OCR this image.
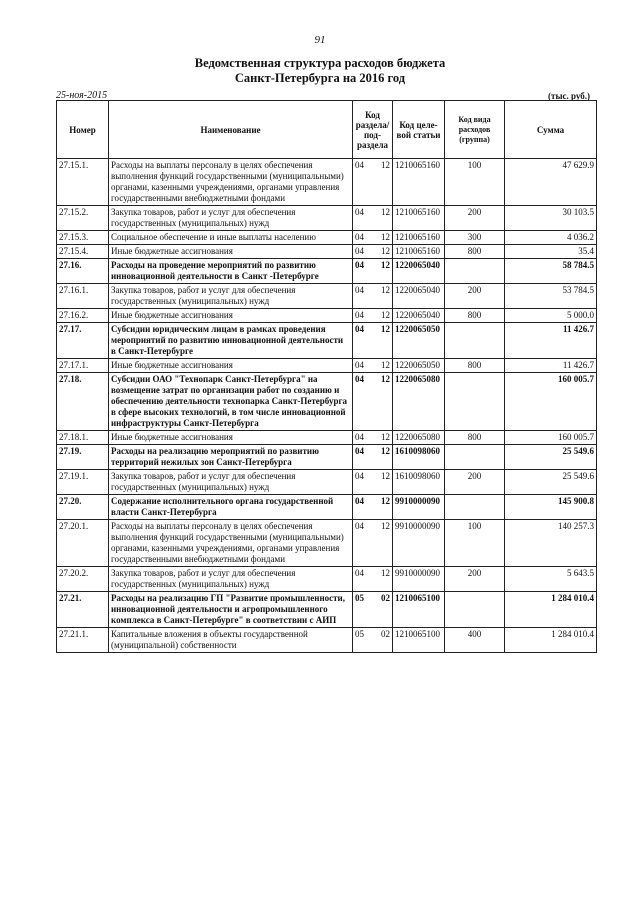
91
Ведомственная структура расходов бюджета
Санкт-Петербурга на 2016 год
25-ноя-2015	(тыс. руб.)
Номер	Наименование	Код раздела/ под-раздела	Код целе-вой статьи	Код вида расходов (группа)	Сумма
27.15.1.	Расходы на выплаты персоналу в целях обеспечения выполнения функций государственными (муниципальными) органами, казенными учреждениями, органами управления государственными внебюджетными фондами	04 12	1210065160	100	47 629.9
27.15.2.	Закупка товаров, работ и услуг для обеспечения государственных (муниципальных) нужд	04 12	1210065160	200	30 103.5
27.15.3.	Социальное обеспечение и иные выплаты населению	04 12	1210065160	300	4 036.2
27.15.4.	Иные бюджетные ассигнования	04 12	1210065160	800	35.4
27.16.	Расходы на проведение мероприятий по развитию инновационной деятельности в Санкт -Петербурге	04 12	1220065040		58 784.5
27.16.1.	Закупка товаров, работ и услуг для обеспечения государственных (муниципальных) нужд	04 12	1220065040	200	53 784.5
27.16.2.	Иные бюджетные ассигнования	04 12	1220065040	800	5 000.0
27.17.	Субсидии юридическим лицам в рамках проведения мероприятий по развитию инновационной деятельности в Санкт-Петербурге	04 12	1220065050		11 426.7
27.17.1.	Иные бюджетные ассигнования	04 12	1220065050	800	11 426.7
27.18.	Субсидии ОАО "Технопарк Санкт-Петербурга" на возмещение затрат по организации работ по созданию и обеспечению деятельности технопарка Санкт-Петербурга в сфере высоких технологий, в том числе инновационной инфраструктуры Санкт-Петербурга	04 12	1220065080		160 005.7
27.18.1.	Иные бюджетные ассигнования	04 12	1220065080	800	160 005.7
27.19.	Расходы на реализацию мероприятий по развитию территорий нежилых зон Санкт-Петербурга	04 12	1610098060		25 549.6
27.19.1.	Закупка товаров, работ и услуг для обеспечения государственных (муниципальных) нужд	04 12	1610098060	200	25 549.6
27.20.	Содержание исполнительного органа государственной власти Санкт-Петербурга	04 12	9910000090		145 900.8
27.20.1.	Расходы на выплаты персоналу в целях обеспечения выполнения функций государственными (муниципальными) органами, казенными учреждениями, органами управления государственными внебюджетными фондами	04 12	9910000090	100	140 257.3
27.20.2.	Закупка товаров, работ и услуг для обеспечения государственных (муниципальных) нужд	04 12	9910000090	200	5 643.5
27.21.	Расходы на реализацию ГП "Развитие промышленности, инновационной деятельности и агропромышленного комплекса в Санкт-Петербурге" в соответствии с АИП	05 02	1210065100		1 284 010.4
27.21.1.	Капитальные вложения в объекты государственной (муниципальной) собственности	05 02	1210065100	400	1 284 010.4
